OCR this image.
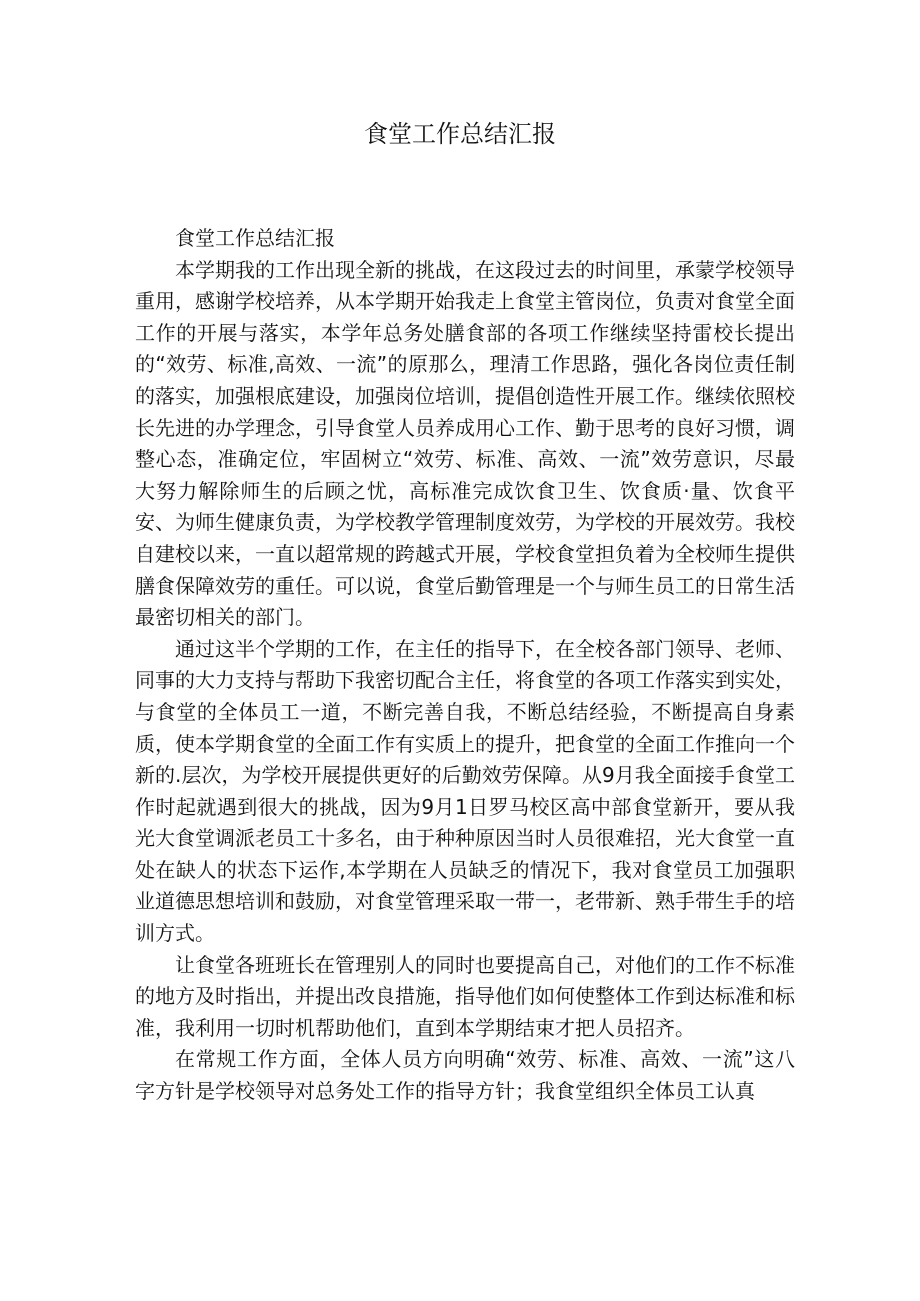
食堂工作总结汇报

食堂工作总结汇报

本学期我的工作出现全新的挑战，在这段过去的时间里，承蒙学校领导重用，感谢学校培养，从本学期开始我走上食堂主管岗位，负责对食堂全面工作的开展与落实，本学年总务处膳食部的各项工作继续坚持雷校长提出的“效劳、标准,高效、一流”的原那么，理清工作思路，强化各岗位责任制的落实，加强根底建设，加强岗位培训，提倡创造性开展工作。继续依照校长先进的办学理念，引导食堂人员养成用心工作、勤于思考的良好习惯，调整心态，准确定位，牢固树立“效劳、标准、高效、一流”效劳意识，尽最大努力解除师生的后顾之忧，高标准完成饮食卫生、饮食质·量、饮食平安、为师生健康负责，为学校教学管理制度效劳，为学校的开展效劳。我校自建校以来，一直以超常规的跨越式开展，学校食堂担负着为全校师生提供膳食保障效劳的重任。可以说，食堂后勤管理是一个与师生员工的日常生活最密切相关的部门。

通过这半个学期的工作，在主任的指导下，在全校各部门领导、老师、同事的大力支持与帮助下我密切配合主任，将食堂的各项工作落实到实处，与食堂的全体员工一道，不断完善自我，不断总结经验，不断提高自身素质，使本学期食堂的全面工作有实质上的提升，把食堂的全面工作推向一个新的.层次，为学校开展提供更好的后勤效劳保障。从9月我全面接手食堂工作时起就遇到很大的挑战，因为9月1日罗马校区高中部食堂新开，要从我光大食堂调派老员工十多名，由于种种原因当时人员很难招，光大食堂一直处在缺人的状态下运作,本学期在人员缺乏的情况下，我对食堂员工加强职业道德思想培训和鼓励，对食堂管理采取一带一，老带新、熟手带生手的培训方式。

让食堂各班班长在管理别人的同时也要提高自己，对他们的工作不标准的地方及时指出，并提出改良措施，指导他们如何使整体工作到达标准和标准，我利用一切时机帮助他们，直到本学期结束才把人员招齐。

在常规工作方面，全体人员方向明确“效劳、标准、高效、一流”这八字方针是学校领导对总务处工作的指导方针；我食堂组织全体员工认真
